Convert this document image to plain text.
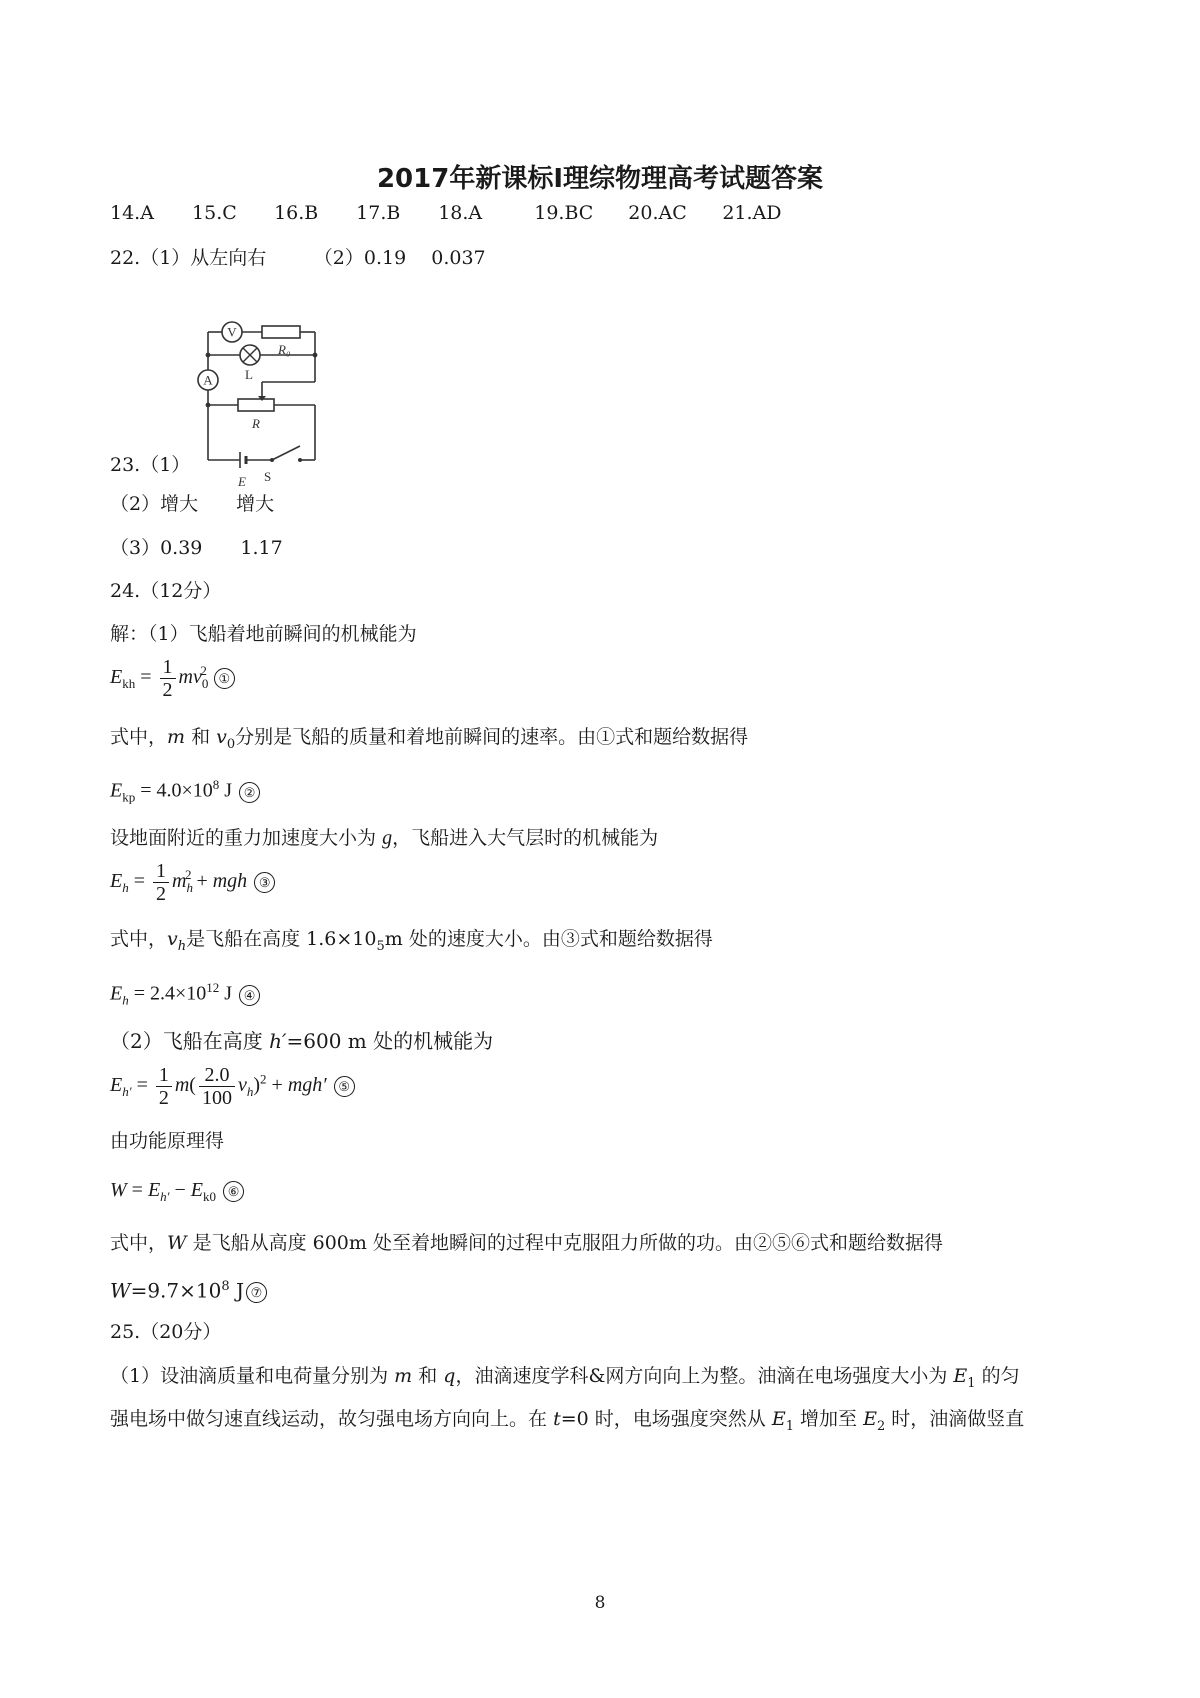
2017年新课标Ⅰ理综物理高考试题答案
14.A 15.C 16.B 17.B 18.A	19.BC 20.AC 21.AD
22.（1）从左向右　　　（2）0.19　 0.037
V
R₀
L
A
R
E S
23.（1）
（2）增大　　增大
（3）0.39　　1.17
24.（12分）
解：（1）飞船着地前瞬间的机械能为
$E_{kh} = \frac{1}{2} mv_0^2$ ①
式中，m 和 $v_0$分别是飞船的质量和着地前瞬间的速率。由①式和题给数据得
$E_{kp} = 4.0\times 10^8$ J ②
设地面附近的重力加速度大小为 g，飞船进入大气层时的机械能为
$E_h = \frac{1}{2} m_h^2$ + mgh ③
式中，$v_h$是飞船在高度 $1.6\times 10_5m$ 处的速度大小。由③式和题给数据得
$E_h = 2.4\times 10^{12}$ J ④
（2）飞船在高度 h′=600 m 处的机械能为
$E_{h'} = \frac{1}{2} m( \frac{2.0}{100} v_h)^2 + mgh'$ ⑤
由功能原理得
$W = E_{h'} - E_{k0}$ ⑥
式中，W 是飞船从高度 600m 处至着地瞬间的过程中克服阻力所做的功。由②⑤⑥式和题给数据得
$W=9.7\times 10^8$ J ⑦
25.（20分）
（1）设油滴质量和电荷量分别为 m 和 q，油滴速度学科&网方向向上为整。油滴在电场强度大小为 $E_1$ 的匀
强电场中做匀速直线运动，故匀强电场方向向上。在 t=0 时，电场强度突然从 $E_1$ 增加至 $E_2$ 时，油滴做竖直
8
